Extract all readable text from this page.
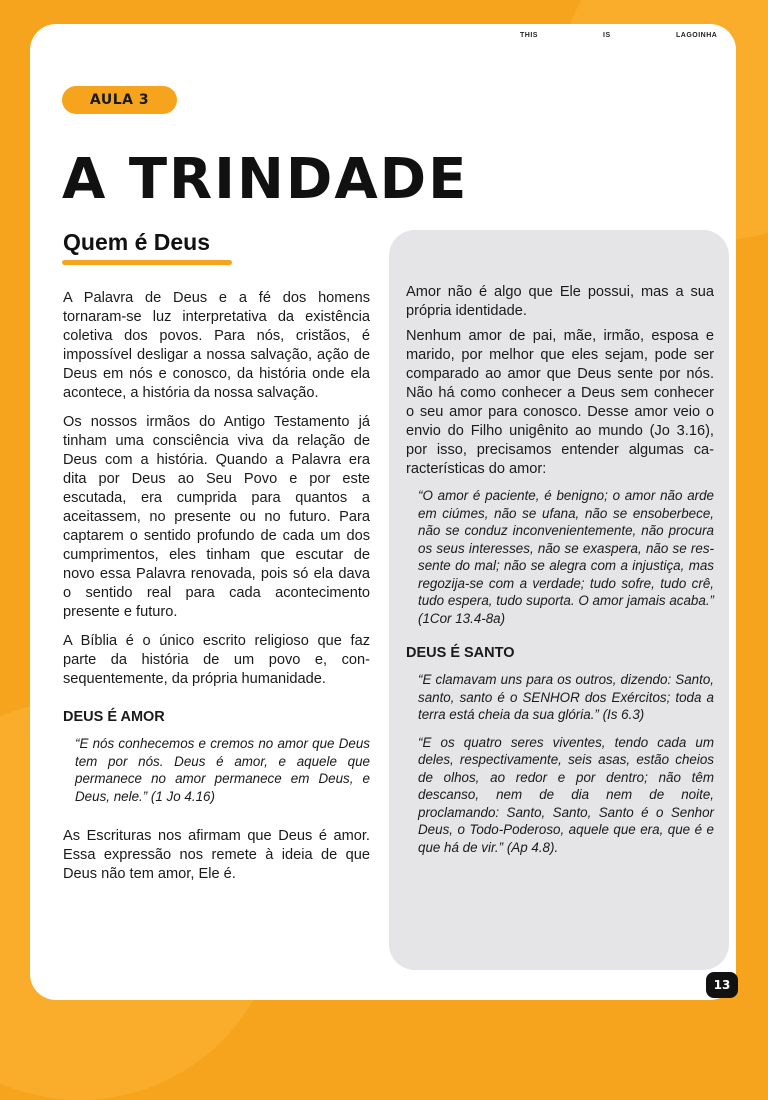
THIS	IS	LAGOINHA
AULA 3
A TRINDADE
Quem é Deus

A Palavra de Deus e a fé dos homens tornaram-se luz interpretativa da existência coletiva dos povos. Para nós, cristãos, é impossível desligar a nossa salvação, ação de Deus em nós e conosco, da história onde ela acontece, a história da nossa salvação.

Os nossos irmãos do Antigo Testamento já tinham uma consciência viva da relação de Deus com a história. Quando a Palavra era dita por Deus ao Seu Povo e por este escutada, era cumprida para quantos a aceitassem, no presente ou no futuro. Para captarem o sentido profundo de cada um dos cumprimentos, eles tinham que escutar de novo essa Palavra renovada, pois só ela dava o sentido real para cada acontecimento presente e futuro.

A Bíblia é o único escrito religioso que faz parte da história de um povo e, consequentemente, da própria humanidade.

DEUS É AMOR

“E nós conhecemos e cremos no amor que Deus tem por nós. Deus é amor, e aquele que permanece no amor permanece em Deus, e Deus, nele.” (1 Jo 4.16)

As Escrituras nos afirmam que Deus é amor. Essa expressão nos remete à ideia de que Deus não tem amor, Ele é.

Amor não é algo que Ele possui, mas a sua própria identidade.

Nenhum amor de pai, mãe, irmão, esposa e marido, por melhor que eles sejam, pode ser comparado ao amor que Deus sente por nós. Não há como conhecer a Deus sem conhecer o seu amor para conosco. Desse amor veio o envio do Filho unigênito ao mundo (Jo 3.16), por isso, precisamos entender algumas características do amor:

“O amor é paciente, é benigno; o amor não arde em ciúmes, não se ufana, não se ensoberbece, não se conduz inconvenientemente, não procura os seus interesses, não se exaspera, não se ressente do mal; não se alegra com a injustiça, mas regozija-se com a verdade; tudo sofre, tudo crê, tudo espera, tudo suporta. O amor jamais acaba.” (1Cor 13.4-8a)

DEUS É SANTO

“E clamavam uns para os outros, dizendo: Santo, santo, santo é o SENHOR dos Exércitos; toda a terra está cheia da sua glória.” (Is 6.3)

“E os quatro seres viventes, tendo cada um deles, respectivamente, seis asas, estão cheios de olhos, ao redor e por dentro; não têm descanso, nem de dia nem de noite, proclamando: Santo, Santo, Santo é o Senhor Deus, o Todo-Poderoso, aquele que era, que é e que há de vir.” (Ap 4.8).

13
